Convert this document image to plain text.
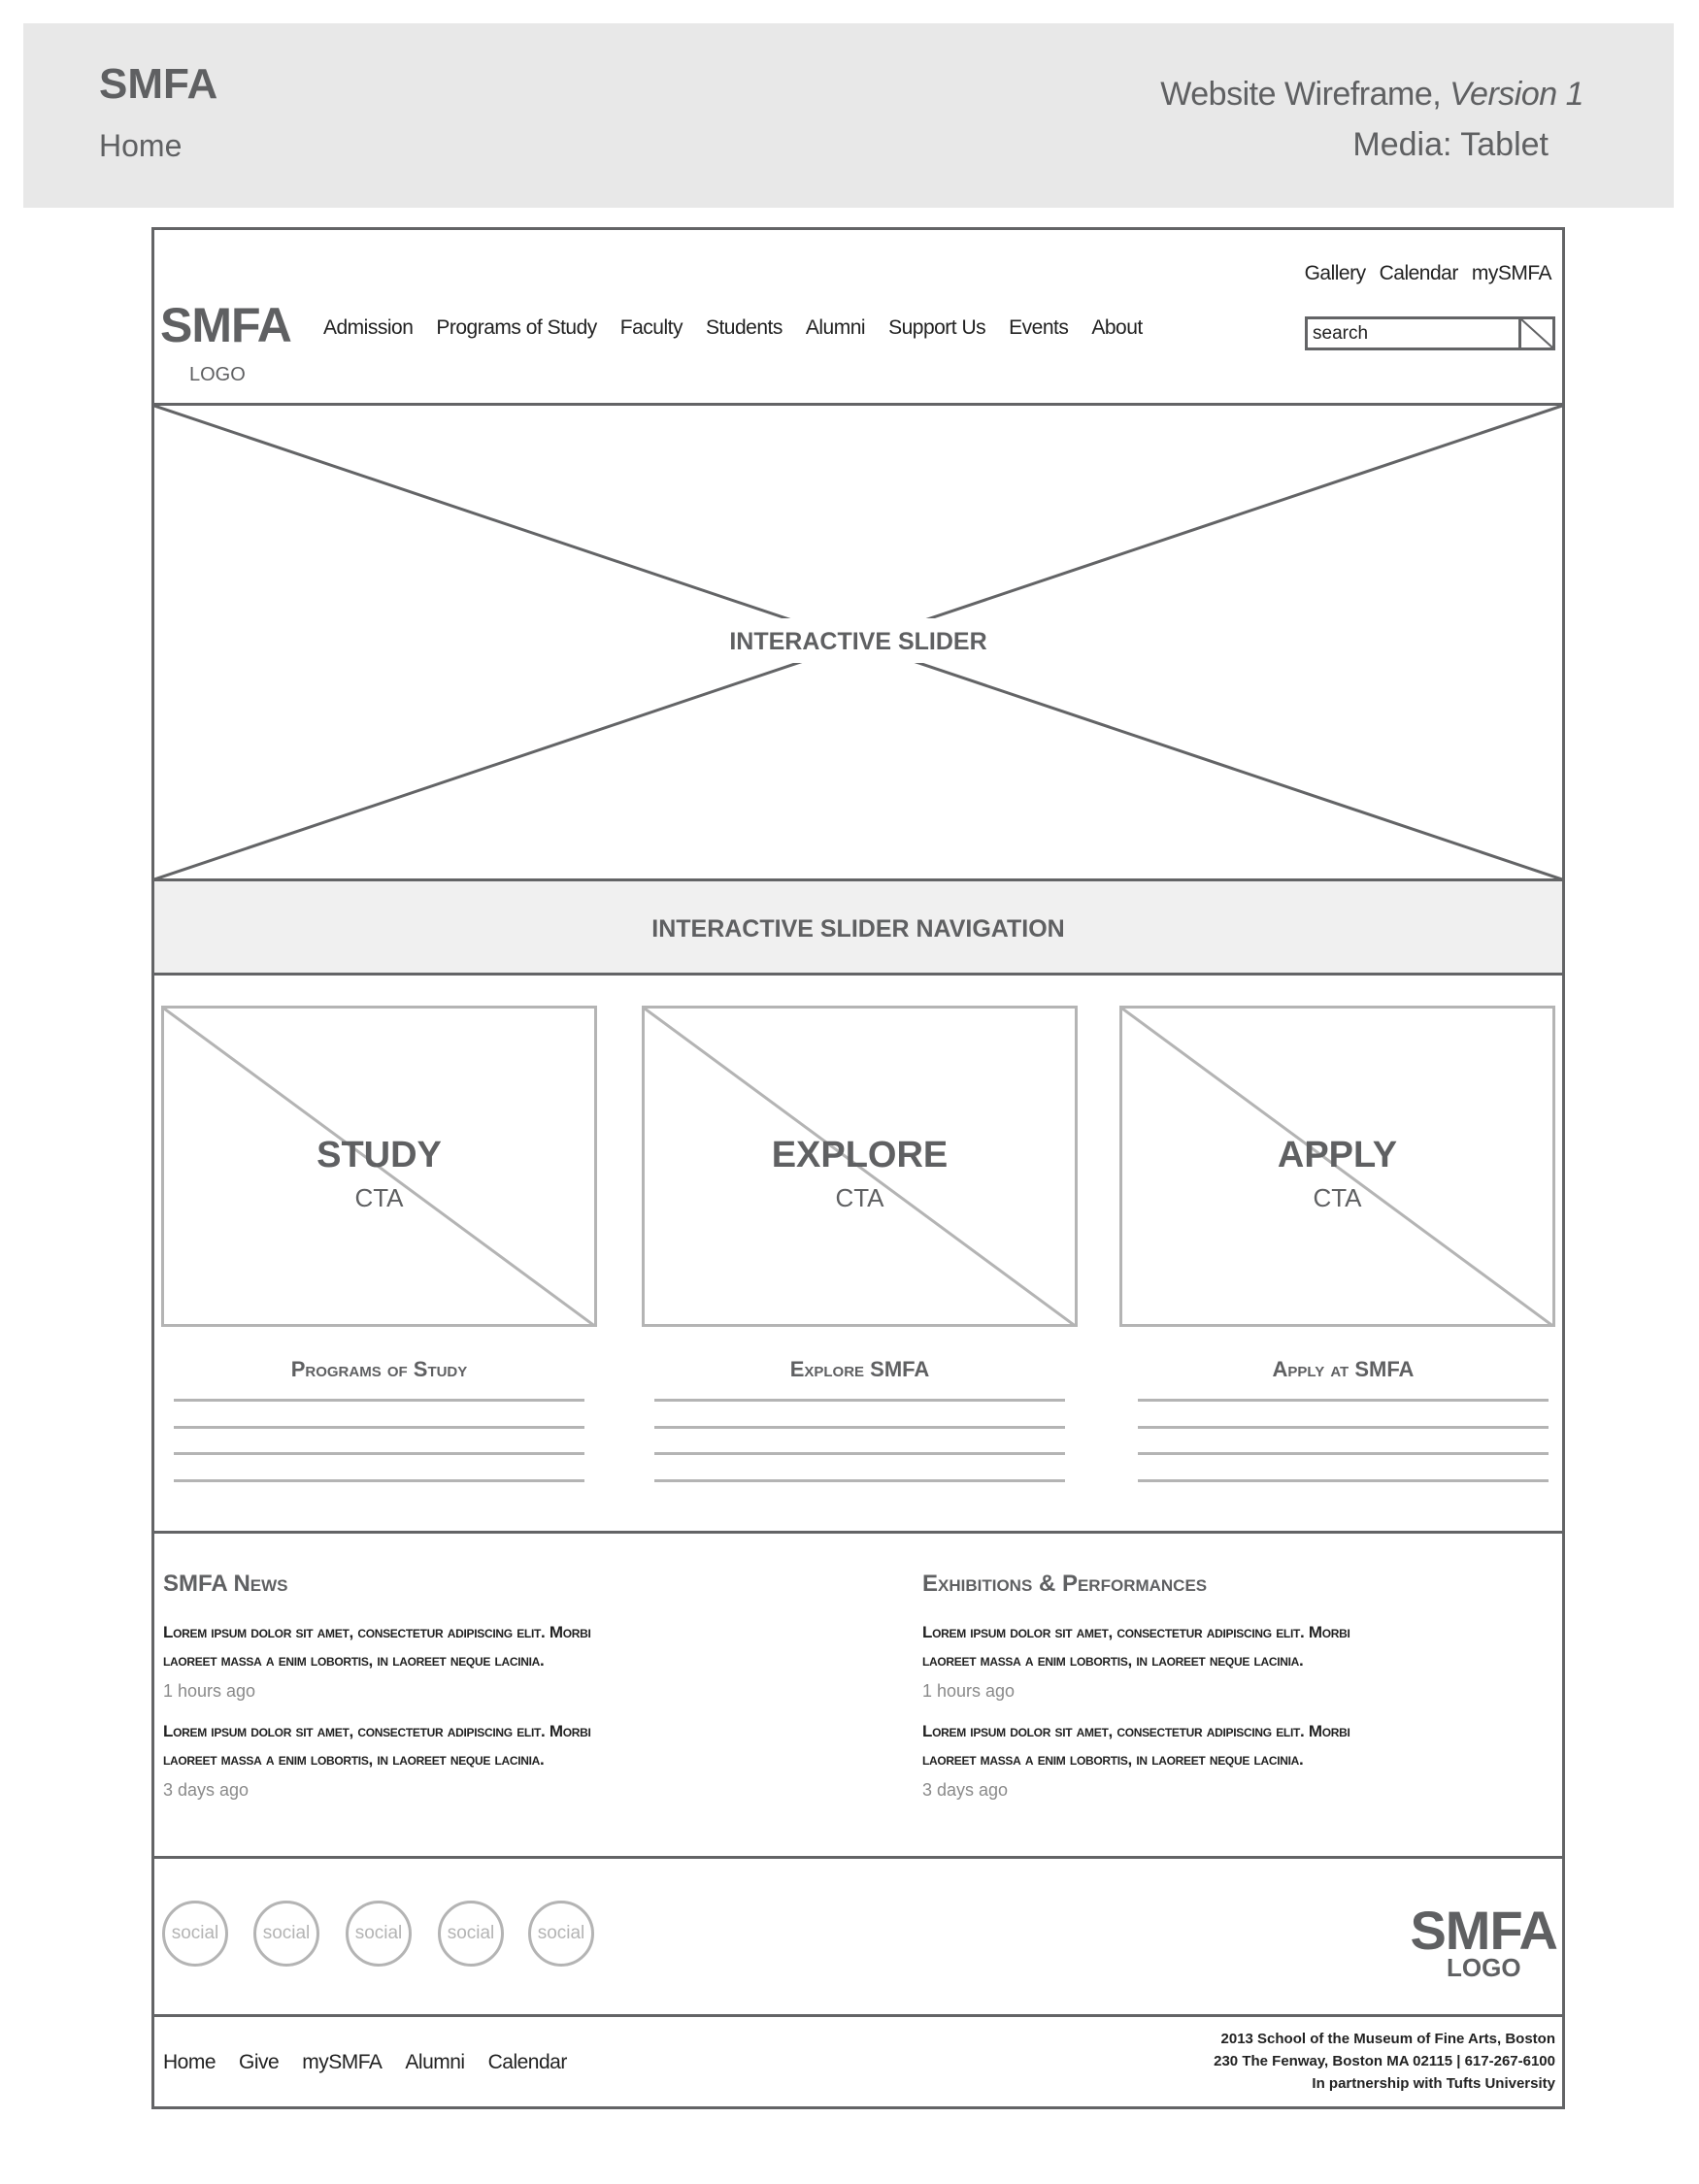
SMFA
Home
Website Wireframe, Version 1
Media: Tablet
Gallery Calendar mySMFA
SMFA
LOGO
Admission Programs of Study Faculty Students Alumni Support Us Events About	search
INTERACTIVE SLIDER
INTERACTIVE SLIDER NAVIGATION
STUDY
CTA
EXPLORE
CTA
APPLY
CTA
Programs of Study	Explore SMFA	Apply at SMFA
SMFA News
Lorem ipsum dolor sit amet, consectetur adipiscing elit. Morbi
laoreet massa a enim lobortis, in laoreet neque lacinia.
1 hours ago
Lorem ipsum dolor sit amet, consectetur adipiscing elit. Morbi
laoreet massa a enim lobortis, in laoreet neque lacinia.
3 days ago
Exhibitions & Performances
Lorem ipsum dolor sit amet, consectetur adipiscing elit. Morbi
laoreet massa a enim lobortis, in laoreet neque lacinia.
1 hours ago
Lorem ipsum dolor sit amet, consectetur adipiscing elit. Morbi
laoreet massa a enim lobortis, in laoreet neque lacinia.
3 days ago
social	social	social	social	social	SMFA
LOGO
Home Give mySMFA Alumni Calendar
2013 School of the Museum of Fine Arts, Boston
230 The Fenway, Boston MA 02115 | 617-267-6100
In partnership with Tufts University
